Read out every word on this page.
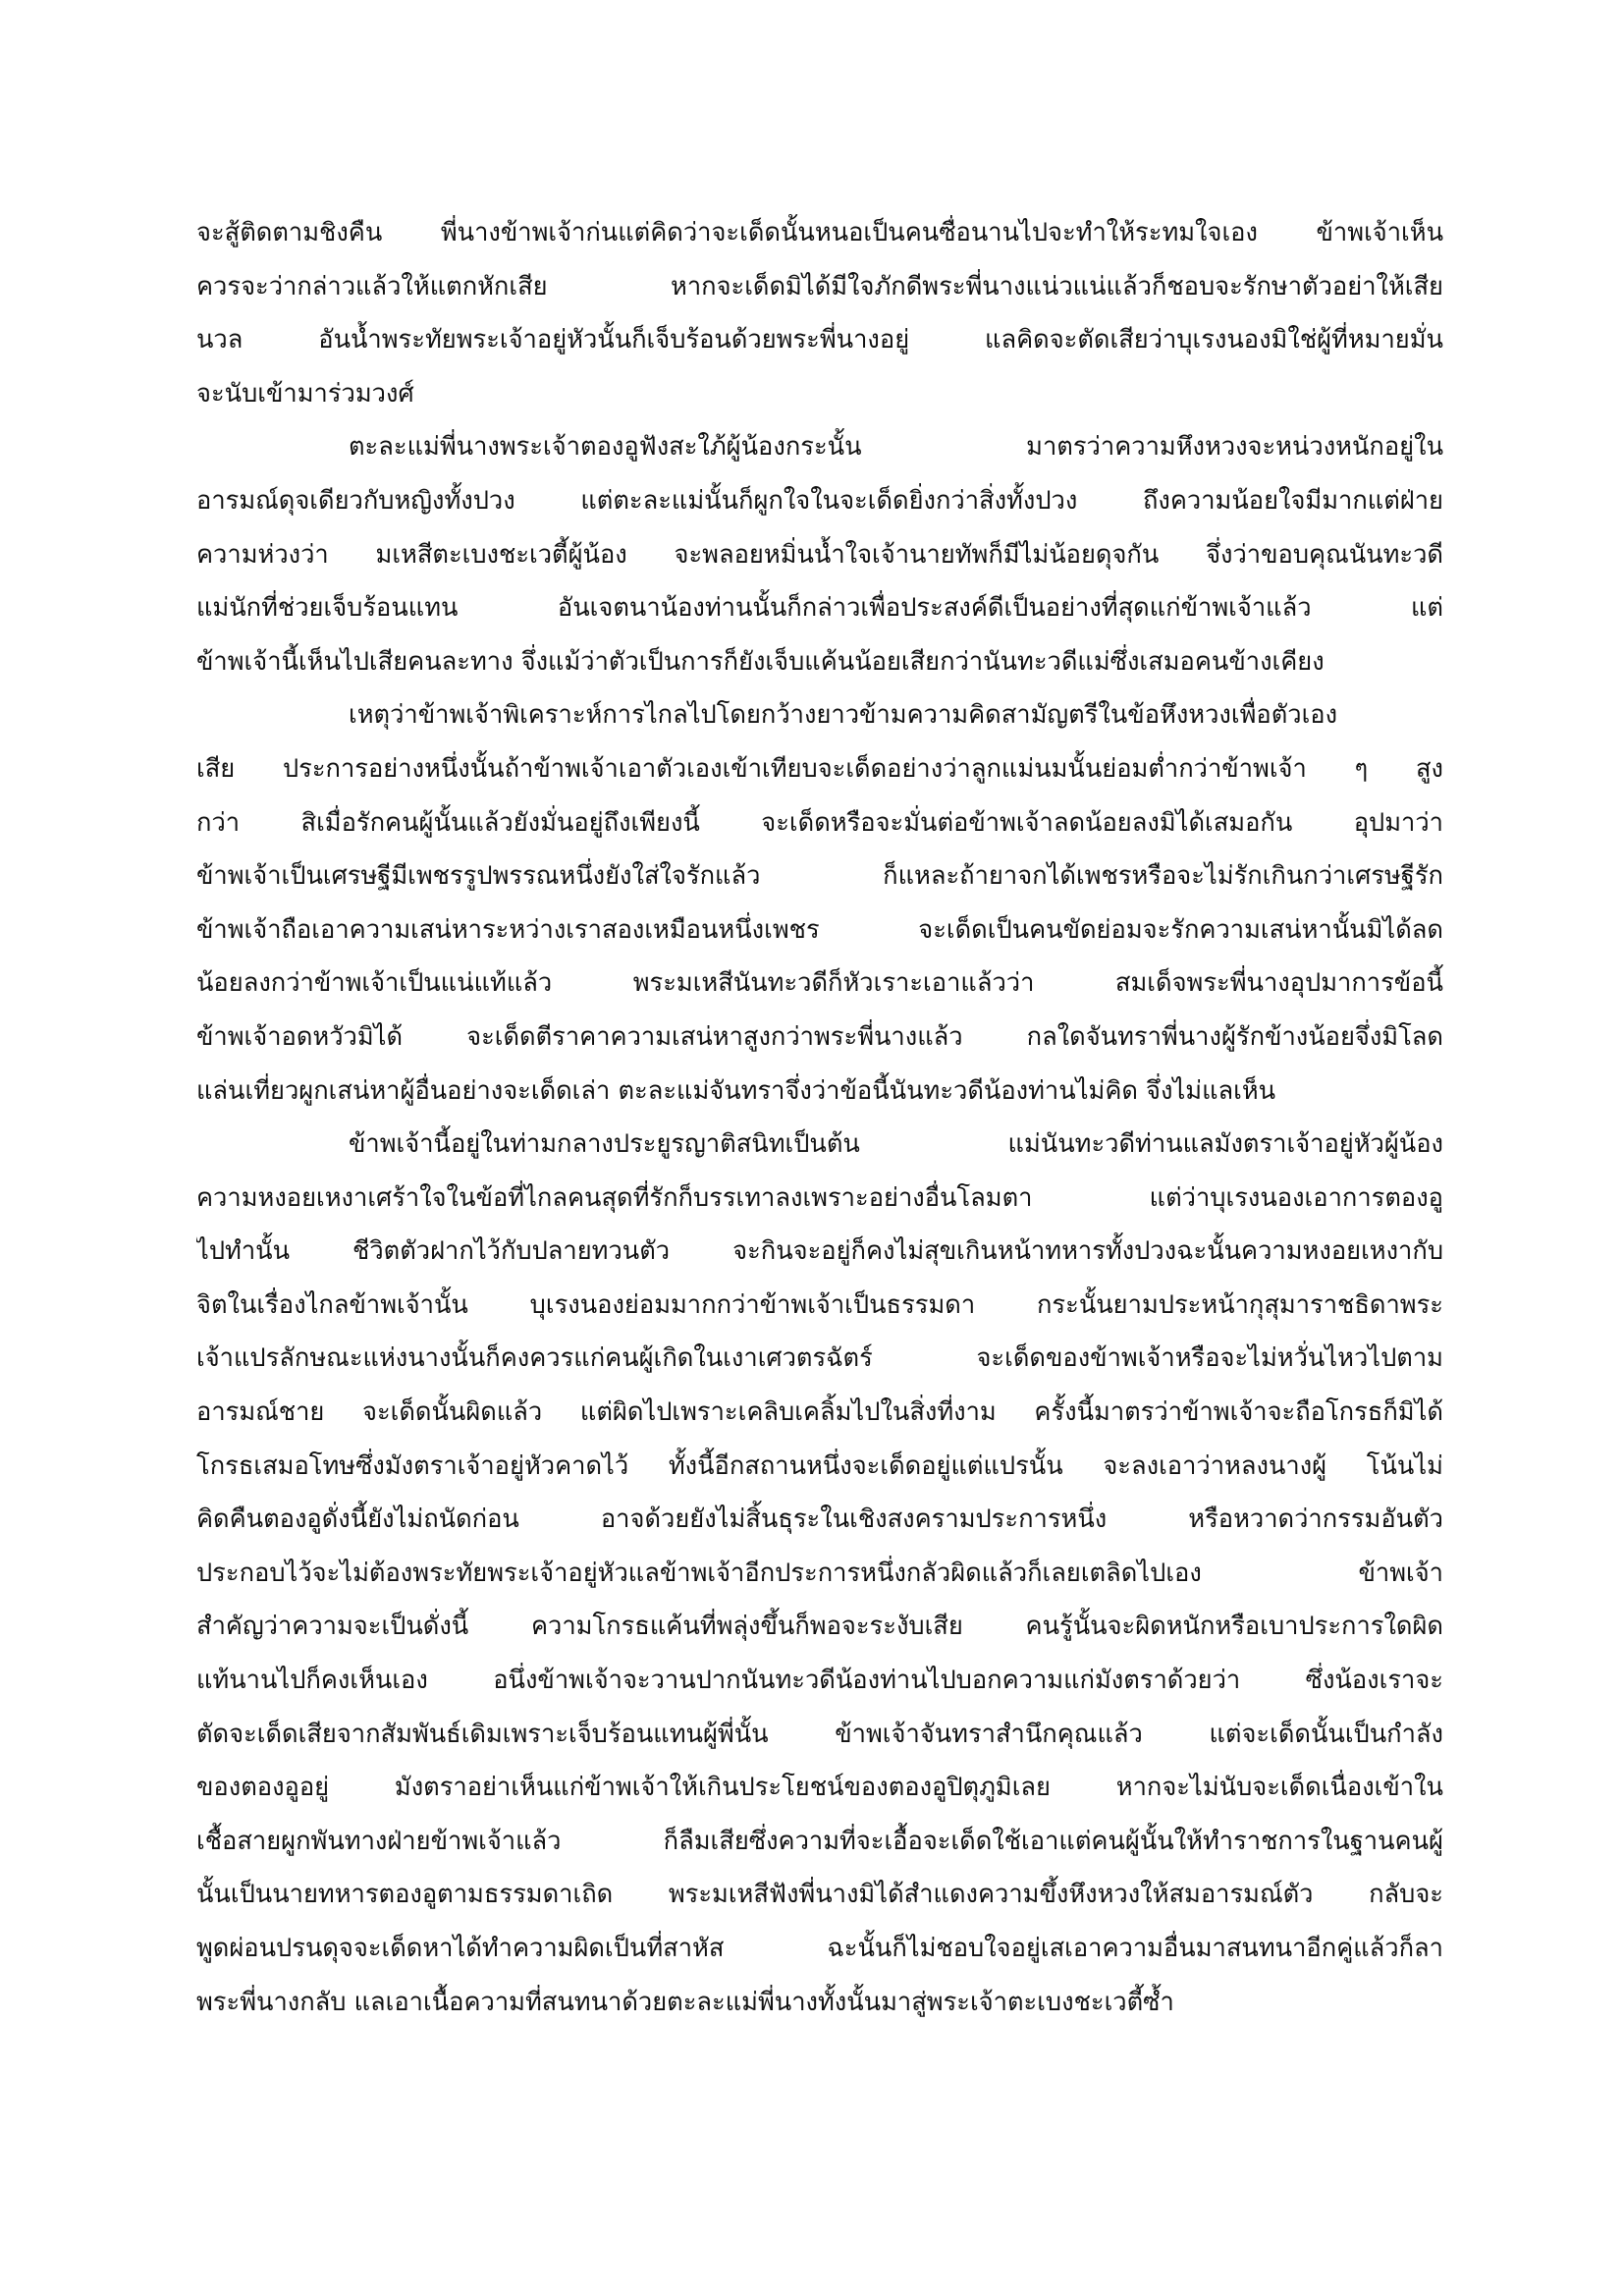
จะสู้ติดตามชิงคืน พี่นางข้าพเจ้าก่นแต่คิดว่าจะเด็ดนั้นหนอเป็นคนซื่อนานไปจะทำให้ระทมใจเอง ข้าพเจ้าเห็น
ควรจะว่ากล่าวแล้วให้แตกหักเสีย หากจะเด็ดมิได้มีใจภักดีพระพี่นางแน่วแน่แล้วก็ชอบจะรักษาตัวอย่าให้เสีย
นวล อันน้ำพระทัยพระเจ้าอยู่หัวนั้นก็เจ็บร้อนด้วยพระพี่นางอยู่ แลคิดจะตัดเสียว่าบุเรงนองมิใช่ผู้ที่หมายมั่น
จะนับเข้ามาร่วมวงศ์
ตะละแม่พี่นางพระเจ้าตองอูฟังสะใภ้ผู้น้องกระนั้น มาตรว่าความหึงหวงจะหน่วงหนักอยู่ใน
อารมณ์ดุจเดียวกับหญิงทั้งปวง แต่ตะละแม่นั้นก็ผูกใจในจะเด็ดยิ่งกว่าสิ่งทั้งปวง ถึงความน้อยใจมีมากแต่ฝ่าย
ความห่วงว่า มเหสีตะเบงชะเวตี้ผู้น้อง จะพลอยหมิ่นน้ำใจเจ้านายทัพก็มีไม่น้อยดุจกัน จึ่งว่าขอบคุณนันทะวดี
แม่นักที่ช่วยเจ็บร้อนแทน อันเจตนาน้องท่านนั้นก็กล่าวเพื่อประสงค์ดีเป็นอย่างที่สุดแก่ข้าพเจ้าแล้ว แต่
ข้าพเจ้านี้เห็นไปเสียคนละทาง จึ่งแม้ว่าตัวเป็นการก็ยังเจ็บแค้นน้อยเสียกว่านันทะวดีแม่ซึ่งเสมอคนข้างเคียง
เหตุว่าข้าพเจ้าพิเคราะห์การไกลไปโดยกว้างยาวข้ามความคิดสามัญตรีในข้อหึงหวงเพื่อตัวเอง
เสีย ประการอย่างหนึ่งนั้นถ้าข้าพเจ้าเอาตัวเองเข้าเทียบจะเด็ดอย่างว่าลูกแม่นมนั้นย่อมต่ำกว่าข้าพเจ้า ๆ สูง
กว่า สิเมื่อรักคนผู้นั้นแล้วยังมั่นอยู่ถึงเพียงนี้ จะเด็ดหรือจะมั่นต่อข้าพเจ้าลดน้อยลงมิได้เสมอกัน อุปมาว่า
ข้าพเจ้าเป็นเศรษฐีมีเพชรรูปพรรณหนึ่งยังใส่ใจรักแล้ว ก็แหละถ้ายาจกได้เพชรหรือจะไม่รักเกินกว่าเศรษฐีรัก
ข้าพเจ้าถือเอาความเสน่หาระหว่างเราสองเหมือนหนึ่งเพชร จะเด็ดเป็นคนขัดย่อมจะรักความเสน่หานั้นมิได้ลด
น้อยลงกว่าข้าพเจ้าเป็นแน่แท้แล้ว พระมเหสีนันทะวดีก็หัวเราะเอาแล้วว่า สมเด็จพระพี่นางอุปมาการข้อนี้
ข้าพเจ้าอดหวัวมิได้ จะเด็ดตีราคาความเสน่หาสูงกว่าพระพี่นางแล้ว กลใดจันทราพี่นางผู้รักข้างน้อยจึ่งมิโลด
แล่นเที่ยวผูกเสน่หาผู้อื่นอย่างจะเด็ดเล่า ตะละแม่จันทราจึ่งว่าข้อนี้นันทะวดีน้องท่านไม่คิด จึ่งไม่แลเห็น
ข้าพเจ้านี้อยู่ในท่ามกลางประยูรญาติสนิทเป็นต้น แม่นันทะวดีท่านแลมังตราเจ้าอยู่หัวผู้น้อง
ความหงอยเหงาเศร้าใจในข้อที่ไกลคนสุดที่รักก็บรรเทาลงเพราะอย่างอื่นโลมตา แต่ว่าบุเรงนองเอาการตองอู
ไปทำนั้น ชีวิตตัวฝากไว้กับปลายทวนตัว จะกินจะอยู่ก็คงไม่สุขเกินหน้าทหารทั้งปวงฉะนั้นความหงอยเหงากับ
จิตในเรื่องไกลข้าพเจ้านั้น บุเรงนองย่อมมากกว่าข้าพเจ้าเป็นธรรมดา กระนั้นยามประหน้ากุสุมาราชธิดาพระ
เจ้าแปรลักษณะแห่งนางนั้นก็คงควรแก่คนผู้เกิดในเงาเศวตรฉัตร์ จะเด็ดของข้าพเจ้าหรือจะไม่หวั่นไหวไปตาม
อารมณ์ชาย จะเด็ดนั้นผิดแล้ว แต่ผิดไปเพราะเคลิบเคลิ้มไปในสิ่งที่งาม ครั้งนี้มาตรว่าข้าพเจ้าจะถือโกรธก็มิได้
โกรธเสมอโทษซึ่งมังตราเจ้าอยู่หัวคาดไว้ ทั้งนี้อีกสถานหนึ่งจะเด็ดอยู่แต่แปรนั้น จะลงเอาว่าหลงนางผู้ โน้นไม่
คิดคืนตองอูดั่งนี้ยังไม่ถนัดก่อน อาจด้วยยังไม่สิ้นธุระในเชิงสงครามประการหนึ่ง หรือหวาดว่ากรรมอันตัว
ประกอบไว้จะไม่ต้องพระทัยพระเจ้าอยู่หัวแลข้าพเจ้าอีกประการหนึ่งกลัวผิดแล้วก็เลยเตลิดไปเอง ข้าพเจ้า
สำคัญว่าความจะเป็นดั่งนี้ ความโกรธแค้นที่พลุ่งขึ้นก็พอจะระงับเสีย คนรู้นั้นจะผิดหนักหรือเบาประการใดผิด
แท้นานไปก็คงเห็นเอง อนึ่งข้าพเจ้าจะวานปากนันทะวดีน้องท่านไปบอกความแก่มังตราด้วยว่า ซึ่งน้องเราจะ
ตัดจะเด็ดเสียจากสัมพันธ์เดิมเพราะเจ็บร้อนแทนผู้พี่นั้น ข้าพเจ้าจันทราสำนึกคุณแล้ว แต่จะเด็ดนั้นเป็นกำลัง
ของตองอูอยู่ มังตราอย่าเห็นแก่ข้าพเจ้าให้เกินประโยชน์ของตองอูปิตุภูมิเลย หากจะไม่นับจะเด็ดเนื่องเข้าใน
เชื้อสายผูกพันทางฝ่ายข้าพเจ้าแล้ว ก็ลืมเสียซึ่งความที่จะเอื้อจะเด็ดใช้เอาแต่คนผู้นั้นให้ทำราชการในฐานคนผู้
นั้นเป็นนายทหารตองอูตามธรรมดาเถิด พระมเหสีฟังพี่นางมิได้สำแดงความขึ้งหึงหวงให้สมอารมณ์ตัว กลับจะ
พูดผ่อนปรนดุจจะเด็ดหาได้ทำความผิดเป็นที่สาหัส ฉะนั้นก็ไม่ชอบใจอยู่เสเอาความอื่นมาสนทนาอีกคู่แล้วก็ลา
พระพี่นางกลับ แลเอาเนื้อความที่สนทนาด้วยตะละแม่พี่นางทั้งนั้นมาสู่พระเจ้าตะเบงชะเวตี้ซ้ำ
